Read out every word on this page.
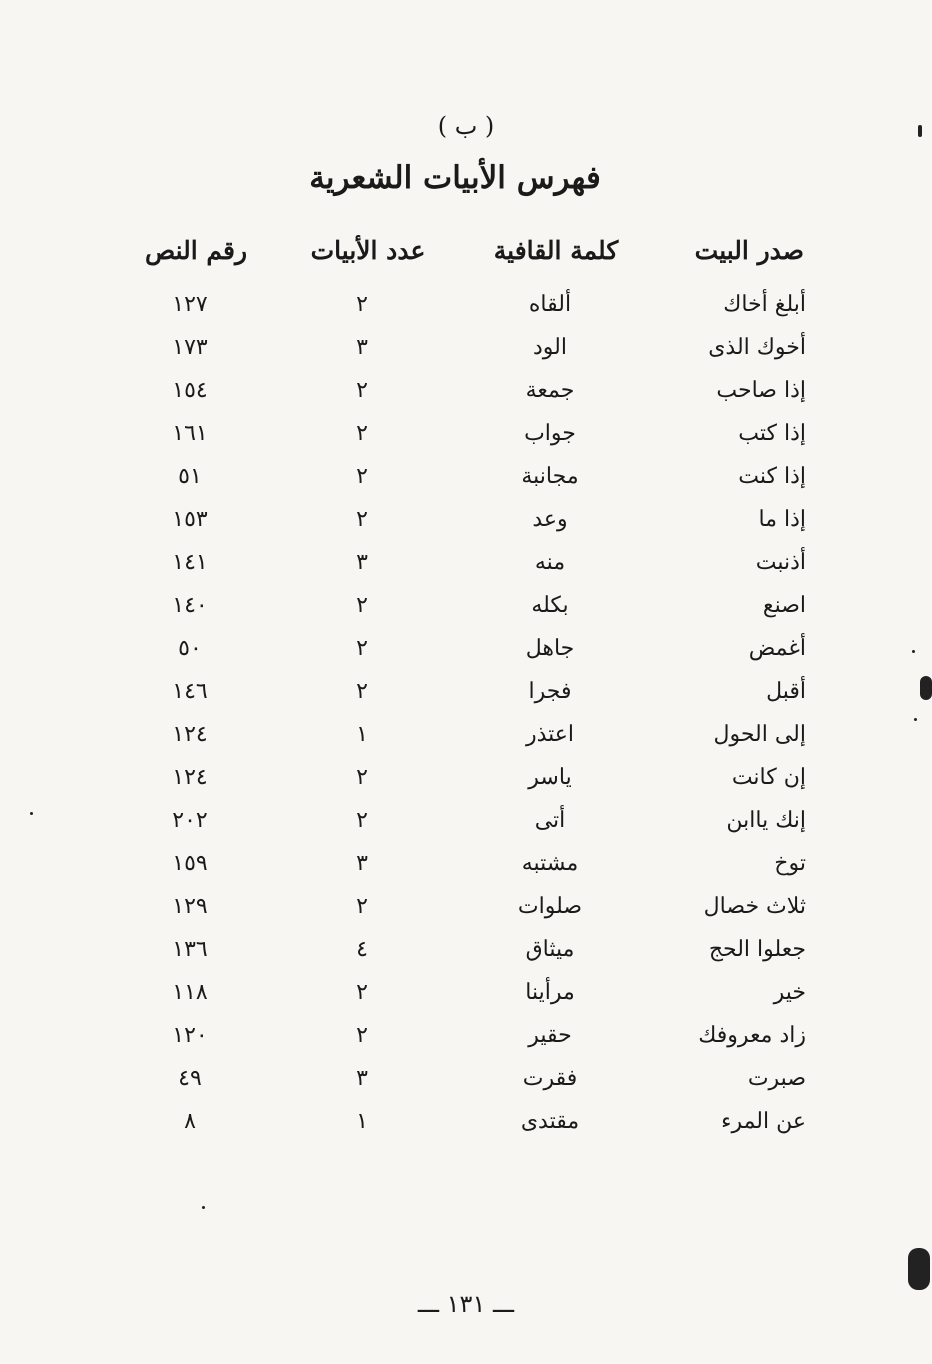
( ب )
فهرس الأبيات الشعرية
صدر البيت
كلمة القافية
عدد الأبيات
رقم النص
أبلغ أخاك
ألقاه
٢
١٢٧
أخوك الذى
الود
٣
١٧٣
إذا صاحب
جمعة
٢
١٥٤
إذا كتب
جواب
٢
١٦١
إذا كنت
مجانبة
٢
٥١
إذا ما
وعد
٢
١٥٣
أذنبت
منه
٣
١٤١
اصنع
بكله
٢
١٤٠
أغمض
جاهل
٢
٥٠
أقبل
فجرا
٢
١٤٦
إلى الحول
اعتذر
١
١٢٤
إن كانت
ياسر
٢
١٢٤
إنك ياابن
أتى
٢
٢٠٢
توخ
مشتبه
٣
١٥٩
ثلاث خصال
صلوات
٢
١٢٩
جعلوا الحج
ميثاق
٤
١٣٦
خير
مرأينا
٢
١١٨
زاد معروفك
حقير
٢
١٢٠
صبرت
فقرت
٣
٤٩
عن المرء
مقتدى
١
٨
ـــ ١٣١ ـــ
